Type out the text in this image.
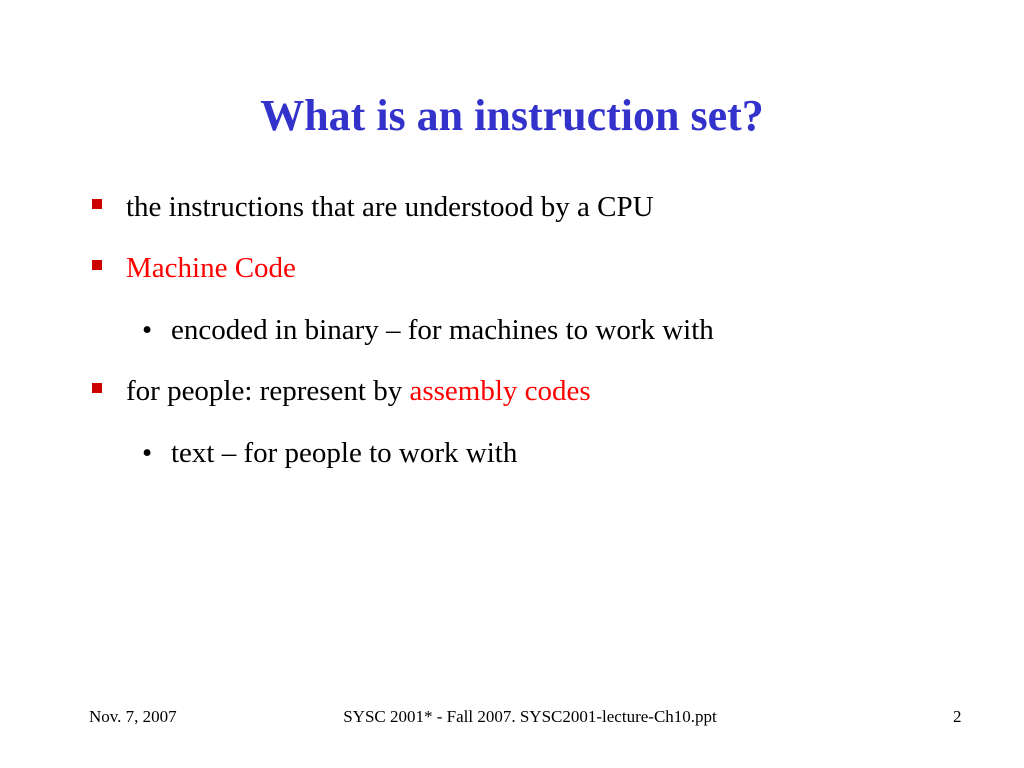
What is an instruction set?
the instructions that are understood by a CPU
Machine Code
• encoded in binary – for machines to work with
for people: represent by assembly codes
• text – for people to work with
Nov. 7, 2007	SYSC 2001* - Fall 2007. SYSC2001-lecture-Ch10.ppt	2
